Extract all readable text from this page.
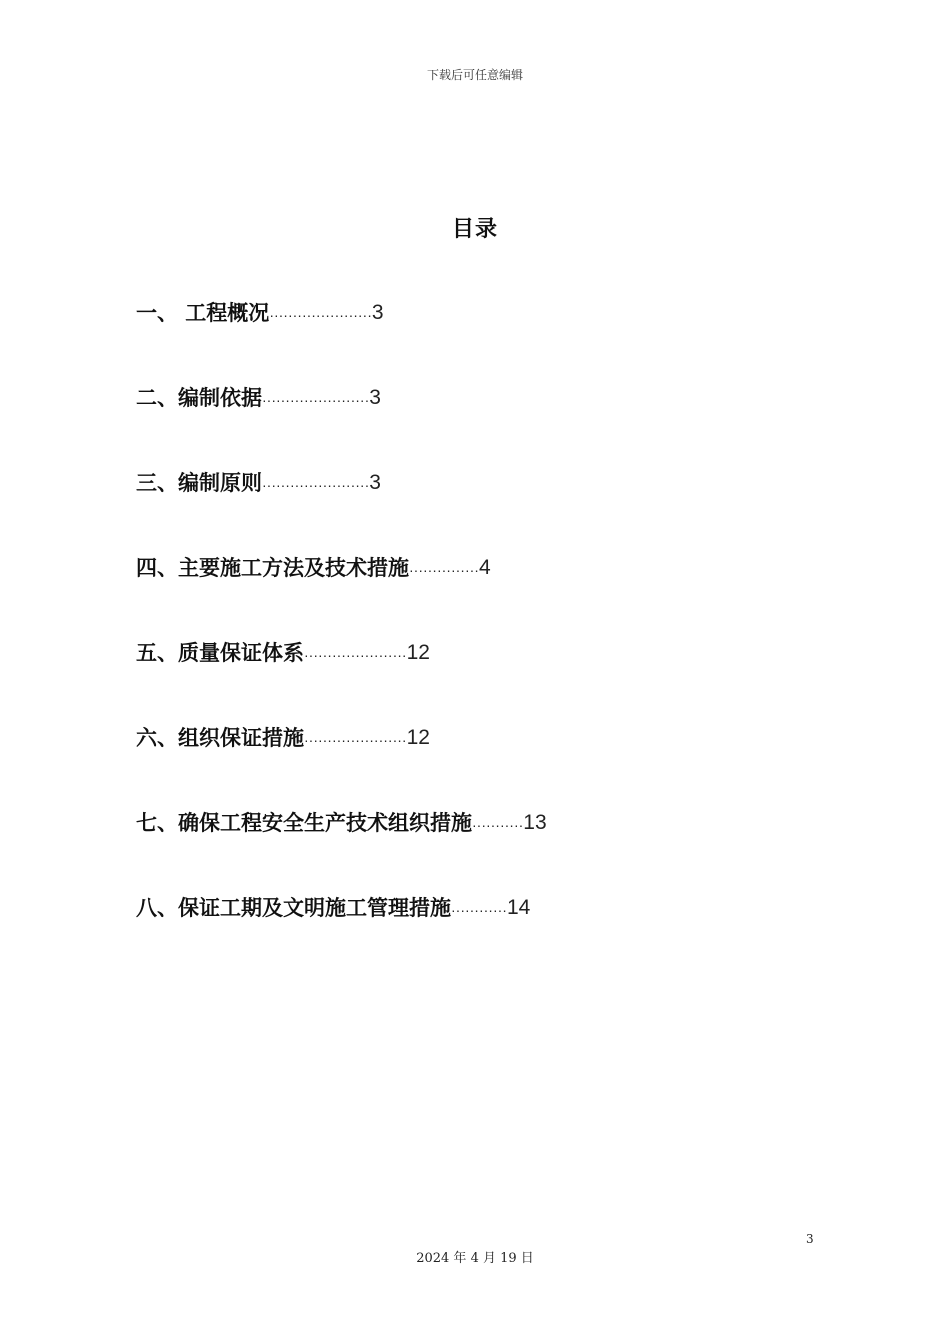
下载后可任意编辑
目录
一、 工程概况 ······················ 3
二、编制依据 ······················· 3
三、编制原则 ······················· 3
四、主要施工方法及技术措施 ··············· 4
五、质量保证体系 ······················ 12
六、组织保证措施 ······················ 12
七、确保工程安全生产技术组织措施 ··········· 13
八、保证工期及文明施工管理措施 ············ 14
3
2024 年 4 月 19 日
